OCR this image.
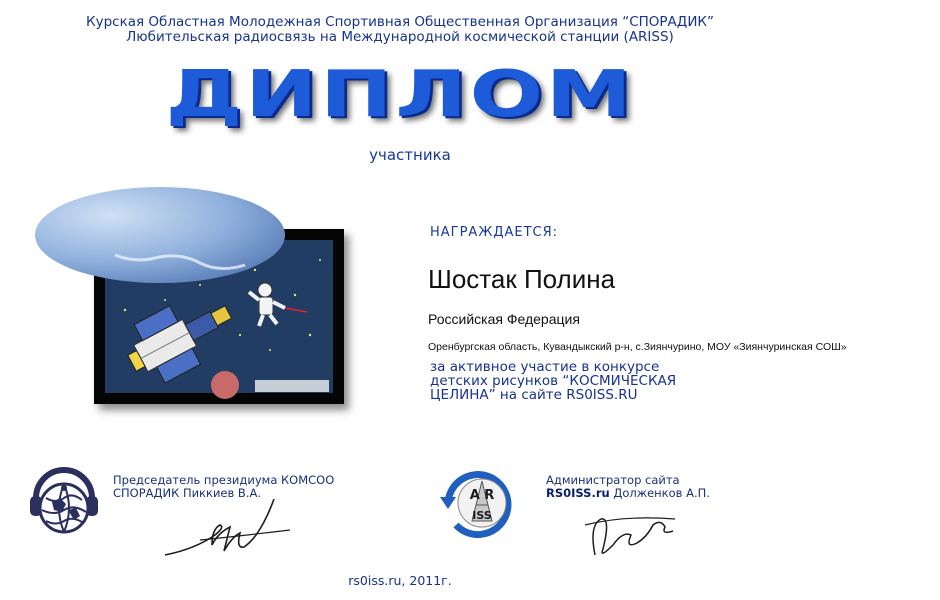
Курская Областная Молодежная Спортивная Общественная Организация “СПОРАДИК”
Любительская радиосвязь на Международной космической станции (ARISS)
ДИПЛОМ
участника
НАГРАЖДАЕТСЯ:
Шостак Полина
Российская Федерация
Оренбургская область, Кувандыкский р-н, с.Зиянчурино, МОУ «Зиянчуринская СОШ»
за активное участие в конкурсе
детских рисунков “КОСМИЧЕСКАЯ
ЦЕЛИНА” на сайте RS0ISS.RU
Председатель президиума КОМСОО
СПОРАДИК Пиккиев В.А.	A R
ISS
Администратор сайта
RS0ISS.ru Долженков А.П.
rs0iss.ru, 2011г.
